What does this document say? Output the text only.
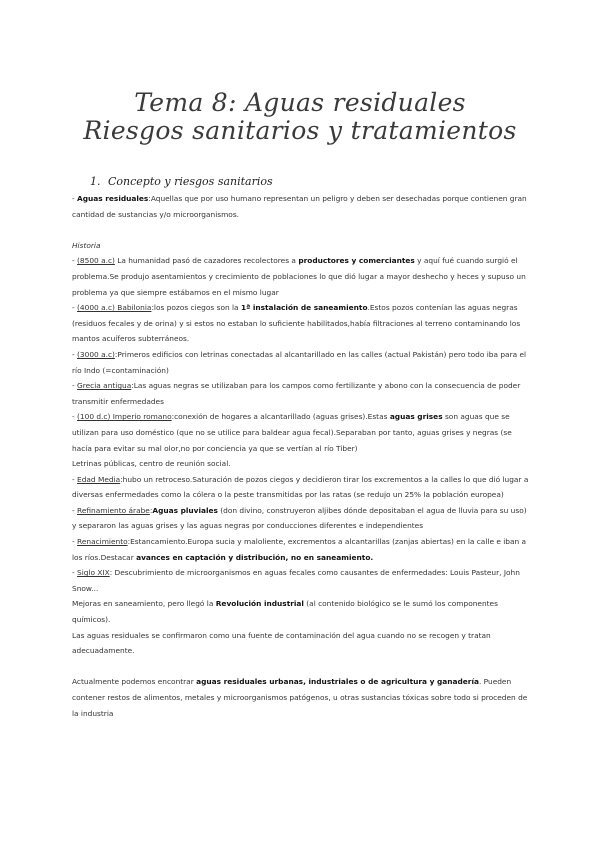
Tema 8: Aguas residuales
Riesgos sanitarios y tratamientos
1. Concepto y riesgos sanitarios

- Aguas residuales:Aquellas que por uso humano representan un peligro y deben ser desechadas porque contienen gran cantidad de sustancias y/o microorganismos.

Historia

- (8500 a.c) La humanidad pasó de cazadores recolectores a productores y comerciantes y aquí fué cuando surgió el problema.Se produjo asentamientos y crecimiento de poblaciones lo que dió lugar a mayor deshecho y heces y supuso un problema ya que siempre estábamos en el mismo lugar

- (4000 a.c) Babilonia:los pozos ciegos son la 1ª instalación de saneamiento.Estos pozos contenían las aguas negras (residuos fecales y de orina) y si estos no estaban lo suficiente habilitados,había filtraciones al terreno contaminando los mantos acuíferos subterráneos.

- (3000 a.c):Primeros edificios con letrinas conectadas al alcantarillado en las calles (actual Pakistán) pero todo iba para el río Indo (=contaminación)

- Grecia antigua:Las aguas negras se utilizaban para los campos como fertilizante y abono con la consecuencia de poder transmitir enfermedades

- (100 d.c) Imperio romano:conexión de hogares a alcantarillado (aguas grises).Estas aguas grises son aguas que se utilizan para uso doméstico (que no se utilice para baldear agua fecal).Separaban por tanto, aguas grises y negras (se hacía para evitar su mal olor,no por conciencia ya que se vertían al río Tiber)

Letrinas públicas, centro de reunión social.

- Edad Media:hubo un retroceso.Saturación de pozos ciegos y decidieron tirar los excrementos a la calles lo que dió lugar a diversas enfermedades como la cólera o la peste transmitidas por las ratas (se redujo un 25% la población europea)

- Refinamiento árabe:Aguas pluviales (don divino, construyeron aljibes dónde depositaban el agua de lluvia para su uso) y separaron las aguas grises y las aguas negras por conducciones diferentes e independientes

- Renacimiento:Estancamiento.Europa sucia y maloliente, excrementos a alcantarillas (zanjas abiertas) en la calle e iban a los ríos.Destacar avances en captación y distribución, no en saneamiento.

- Siglo XIX: Descubrimiento de microorganismos en aguas fecales como causantes de enfermedades: Louis Pasteur, John Snow...

Mejoras en saneamiento, pero llegó la Revolución industrial (al contenido biológico se le sumó los componentes químicos).

Las aguas residuales se confirmaron como una fuente de contaminación del agua cuando no se recogen y tratan adecuadamente.

Actualmente podemos encontrar aguas residuales urbanas, industriales o de agricultura y ganadería. Pueden contener restos de alimentos, metales y microorganismos patógenos, u otras sustancias tóxicas sobre todo si proceden de la industria
